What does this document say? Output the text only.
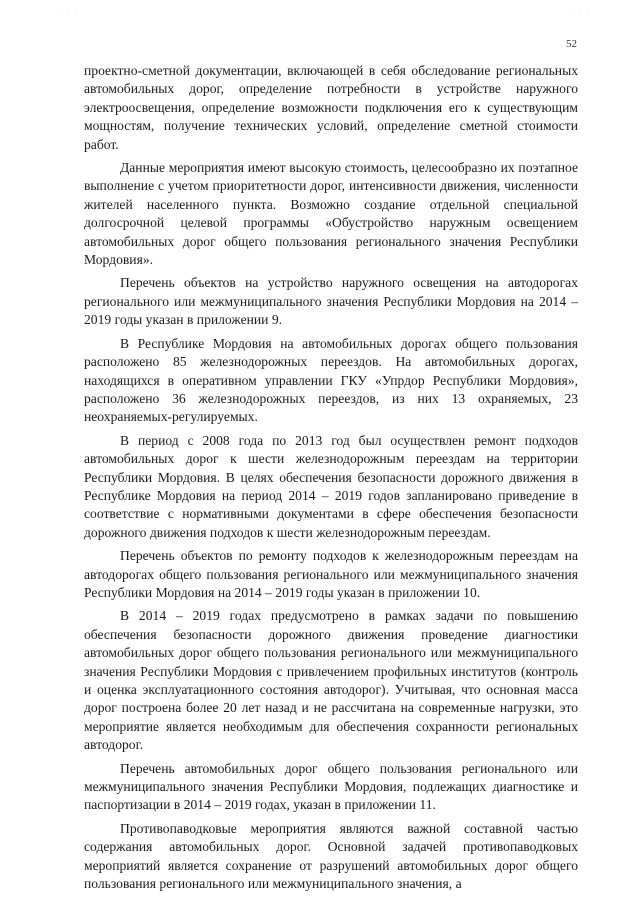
· · ·	· · ·
52

проектно-сметной документации, включающей в себя обследование региональных автомобильных дорог, определение потребности в устройстве наружного электроосвещения, определение возможности подключения его к существующим мощностям, получение технических условий, определение сметной стоимости работ.

Данные мероприятия имеют высокую стоимость, целесообразно их поэтапное выполнение с учетом приоритетности дорог, интенсивности движения, численности жителей населенного пункта. Возможно создание отдельной специальной долгосрочной целевой программы «Обустройство наружным освещением автомобильных дорог общего пользования регионального значения Республики Мордовия».

Перечень объектов на устройство наружного освещения на автодорогах регионального или межмуниципального значения Республики Мордовия на 2014 – 2019 годы указан в приложении 9.

В Республике Мордовия на автомобильных дорогах общего пользования расположено 85 железнодорожных переездов. На автомобильных дорогах, находящихся в оперативном управлении ГКУ «Упрдор Республики Мордовия», расположено 36 железнодорожных переездов, из них 13 охраняемых, 23 неохраняемых-регулируемых.

В период с 2008 года по 2013 год был осуществлен ремонт подходов автомобильных дорог к шести железнодорожным переездам на территории Республики Мордовия. В целях обеспечения безопасности дорожного движения в Республике Мордовия на период 2014 – 2019 годов запланировано приведение в соответствие с нормативными документами в сфере обеспечения безопасности дорожного движения подходов к шести железнодорожным переездам.

Перечень объектов по ремонту подходов к железнодорожным переездам на автодорогах общего пользования регионального или межмуниципального значения Республики Мордовия на 2014 – 2019 годы указан в приложении 10.

В 2014 – 2019 годах предусмотрено в рамках задачи по повышению обеспечения безопасности дорожного движения проведение диагностики автомобильных дорог общего пользования регионального или межмуниципального значения Республики Мордовия с привлечением профильных институтов (контроль и оценка эксплуатационного состояния автодорог). Учитывая, что основная масса дорог построена более 20 лет назад и не рассчитана на современные нагрузки, это мероприятие является необходимым для обеспечения сохранности региональных автодорог.

Перечень автомобильных дорог общего пользования регионального или межмуниципального значения Республики Мордовия, подлежащих диагностике и паспортизации в 2014 – 2019 годах, указан в приложении 11.

Противопаводковые мероприятия являются важной составной частью содержания автомобильных дорог. Основной задачей противопаводковых мероприятий является сохранение от разрушений автомобильных дорог общего пользования регионального или межмуниципального значения, а
